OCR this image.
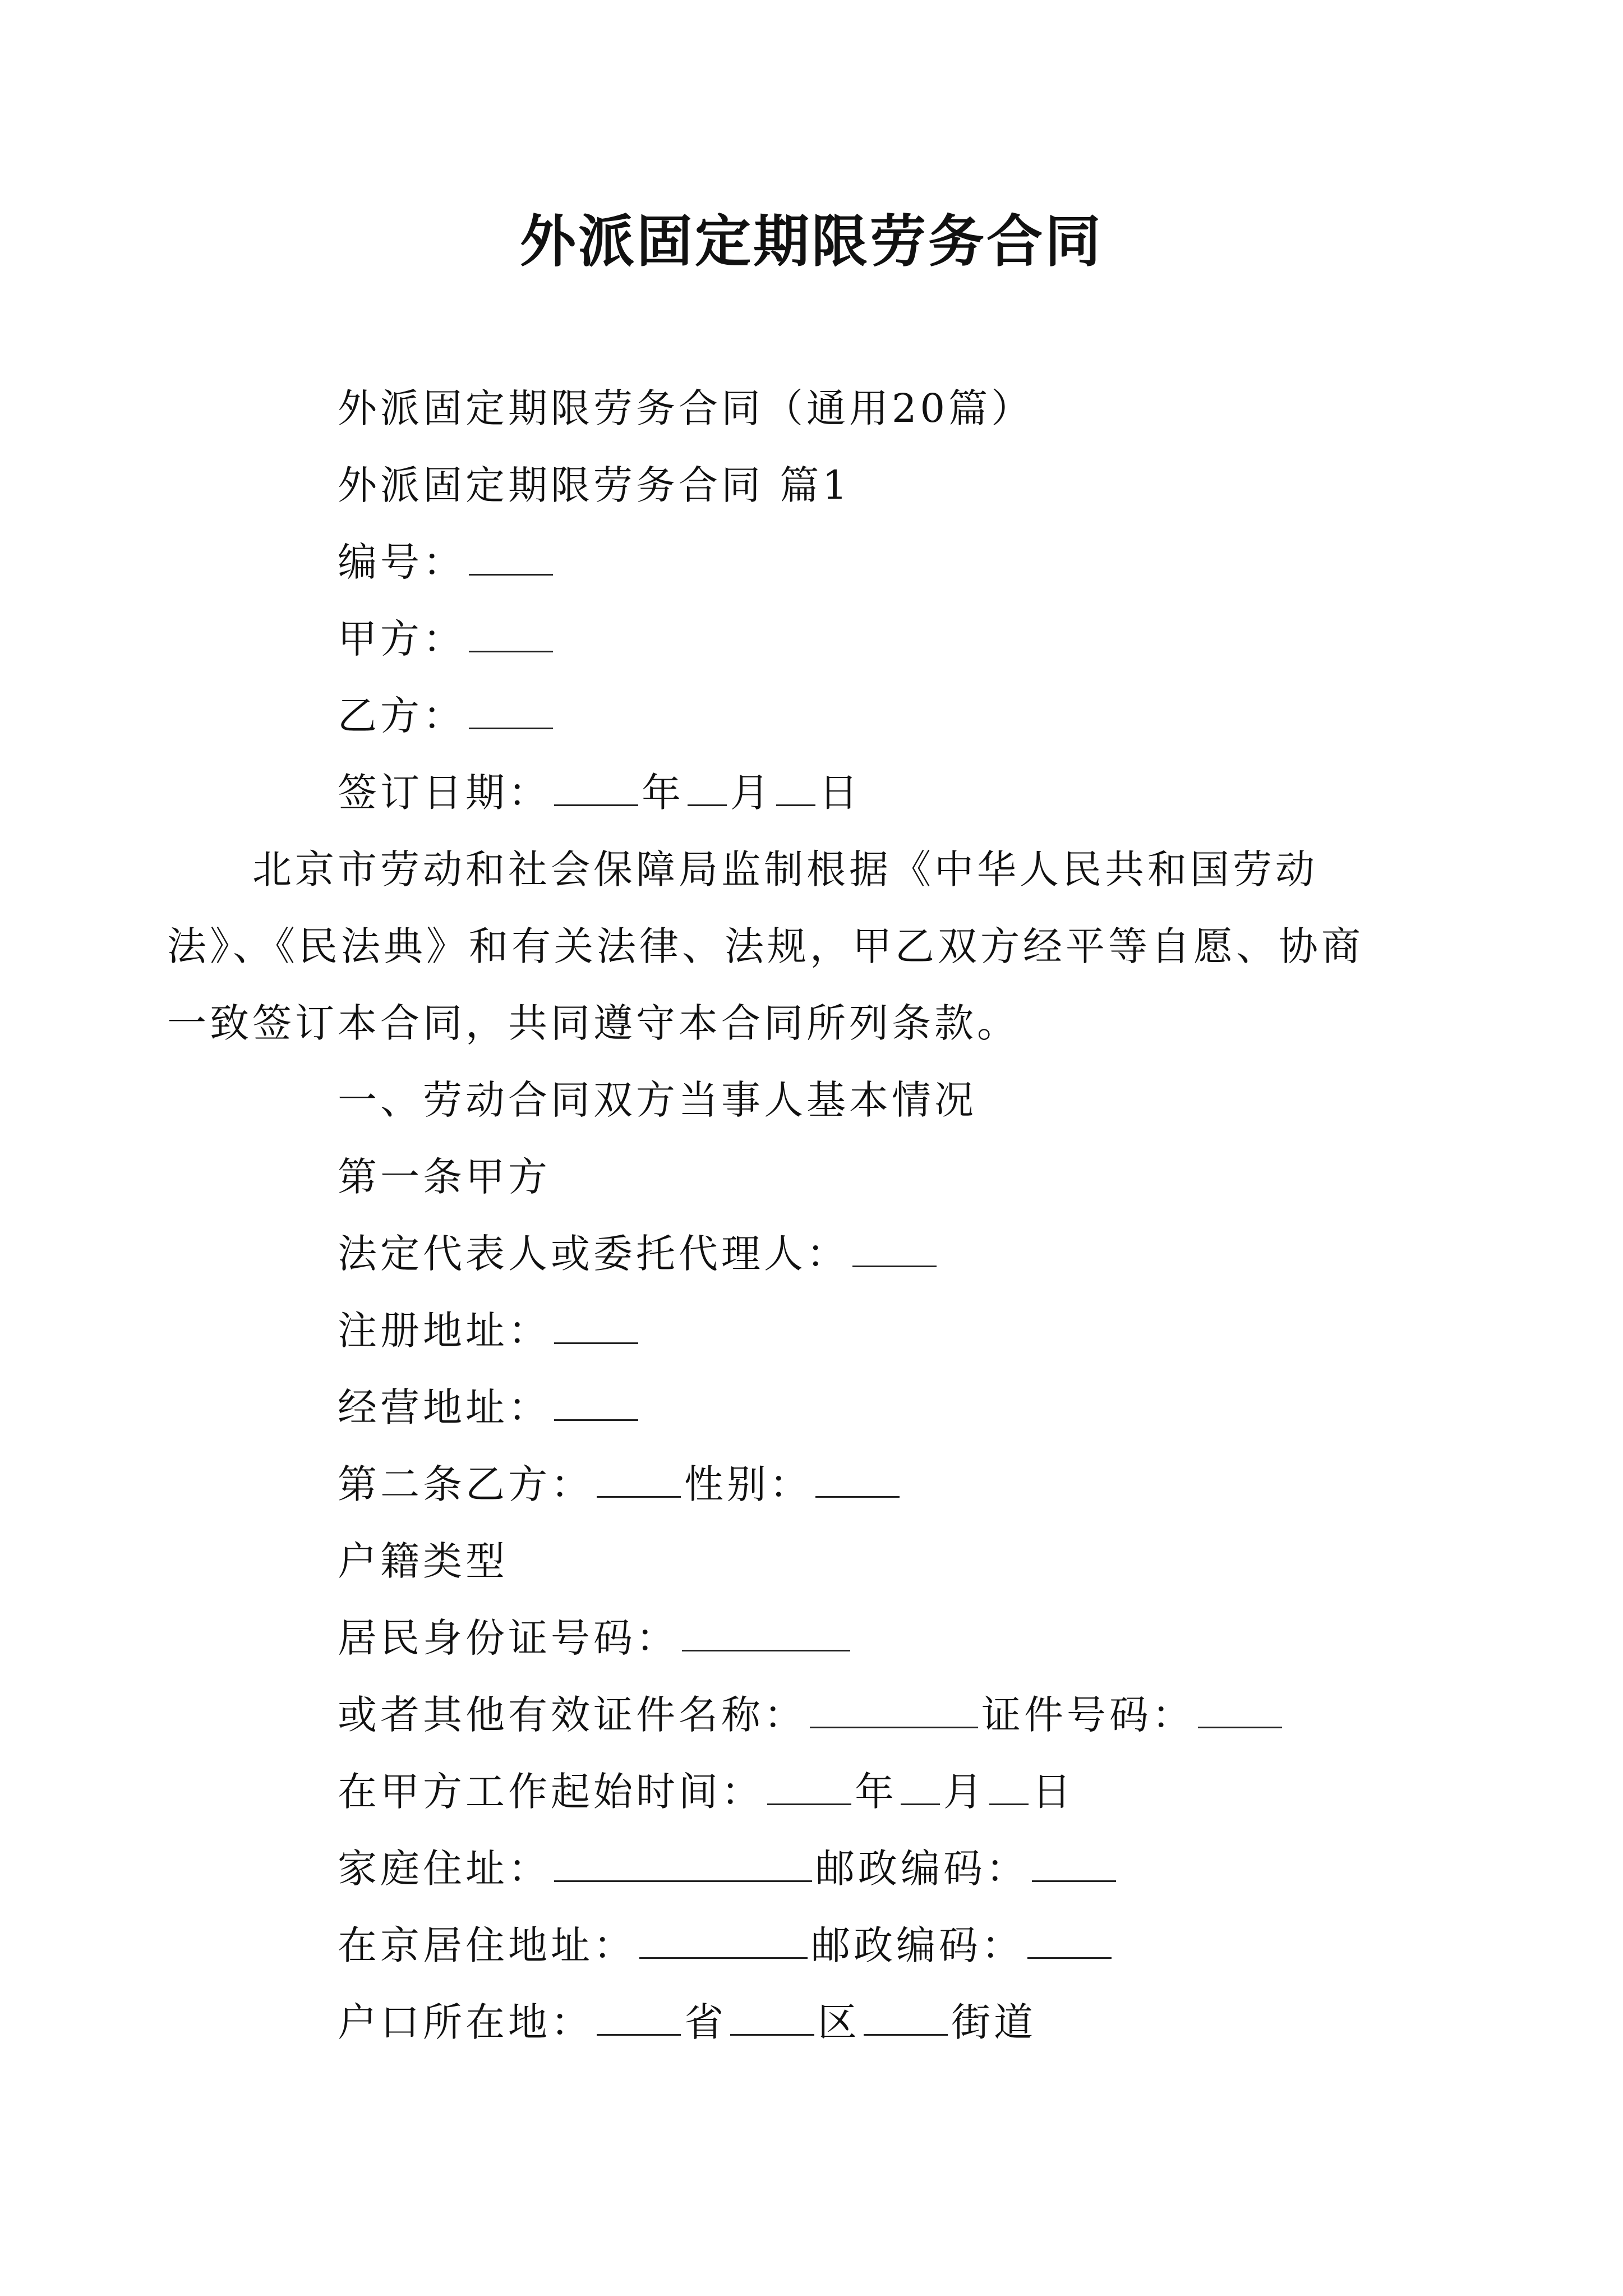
外派固定期限劳务合同
外派固定期限劳务合同（通用20篇）
外派固定期限劳务合同 篇1
编号：
甲方：
乙方：
签订日期： 年 月 日
北京市劳动和社会保障局监制根据《中华人民共和国劳动法》、《民法典》和有关法律、法规，甲乙双方经平等自愿、协商一致签订本合同，共同遵守本合同所列条款。
一、劳动合同双方当事人基本情况
第一条甲方
法定代表人或委托代理人：
注册地址：
经营地址：
第二条乙方： 性别：
户籍类型
居民身份证号码：
或者其他有效证件名称：	证件号码：
在甲方工作起始时间： 年 月 日
家庭住址：	邮政编码：
在京居住地址：	邮政编码：
户口所在地： 省 区 街道
